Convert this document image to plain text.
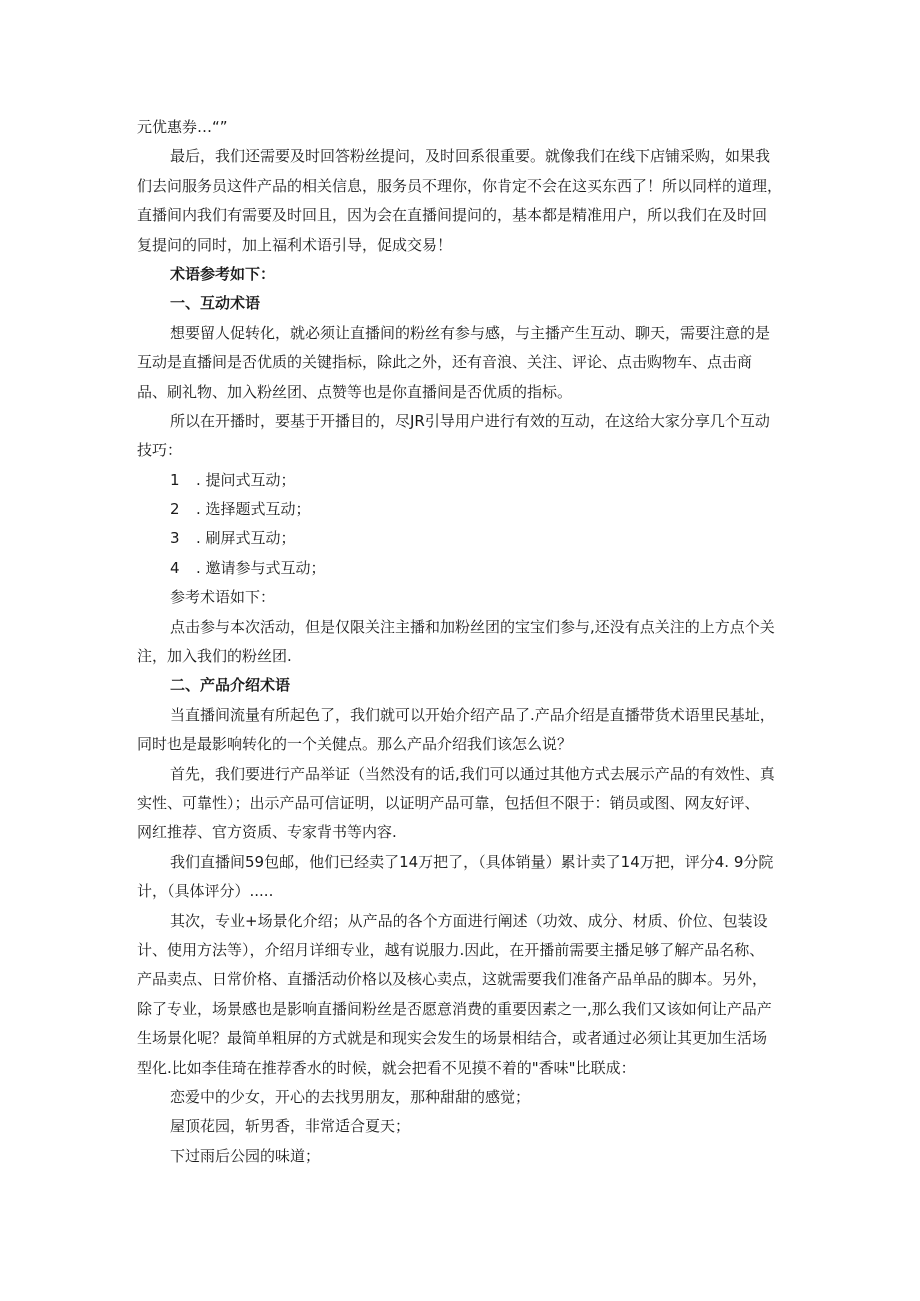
元优惠券…“”

最后，我们还需要及时回答粉丝提问，及时回系很重要。就像我们在线下店铺采购，如果我

们去问服务员这件产品的相关信息，服务员不理你，你肯定不会在这买东西了！所以同样的道理，

直播间内我们有需要及时回且，因为会在直播间提问的，基本都是精准用户，所以我们在及时回

复提问的同时，加上福利术语引导，促成交易！

术语参考如下：

一、互动术语

想要留人促转化，就必须让直播间的粉丝有参与感，与主播产生互动、聊天，需要注意的是

互动是直播间是否优质的关键指标，除此之外，还有音浪、关注、评论、点击购物车、点击商

品、刷礼物、加入粉丝团、点赞等也是你直播间是否优质的指标。

所以在开播时，要基于开播目的，尽JR引导用户进行有效的互动，在这给大家分享几个互动

技巧：

1 . 提问式互动；

2 . 选择题式互动；

3 . 刷屏式互动；

4 . 邀请参与式互动；

参考术语如下：

点击参与本次活动，但是仅限关注主播和加粉丝团的宝宝们参与,还没有点关注的上方点个关

注，加入我们的粉丝团.

二、产品介绍术语

当直播间流量有所起色了，我们就可以开始介绍产品了.产品介绍是直播带货术语里民基址，

同时也是最影响转化的一个关健点。那么产品介绍我们该怎么说？

首先，我们要进行产品举证（当然没有的话,我们可以通过其他方式去展示产品的有效性、真

实性、可靠性）；出示产品可信证明，以证明产品可靠，包括但不限于：销员或图、网友好评、

网红推荐、官方资质、专家背书等内容.

我们直播间59包邮，他们已经卖了14万把了，（具体销量）累计卖了14万把，评分4. 9分院

计，（具体评分）.....

其次，专业+场景化介绍；从产品的各个方面进行阐述（功效、成分、材质、价位、包装设

计、使用方法等），介绍月详细专业，越有说服力.因此，在开播前需要主播足够了解产品名称、

产品卖点、日常价格、直播活动价格以及核心卖点，这就需要我们准备产品单品的脚本。另外，

除了专业，场景感也是影响直播间粉丝是否愿意消费的重要因素之一,那么我们又该如何让产品产

生场景化呢？最简单粗屏的方式就是和现实会发生的场景相结合，或者通过必须让其更加生活场

型化.比如李佳琦在推荐香水的时候，就会把看不见摸不着的"香味"比联成：

恋爱中的少女，开心的去找男朋友，那种甜甜的感觉；

屋顶花园，斩男香，非常适合夏天；

下过雨后公园的味道；
